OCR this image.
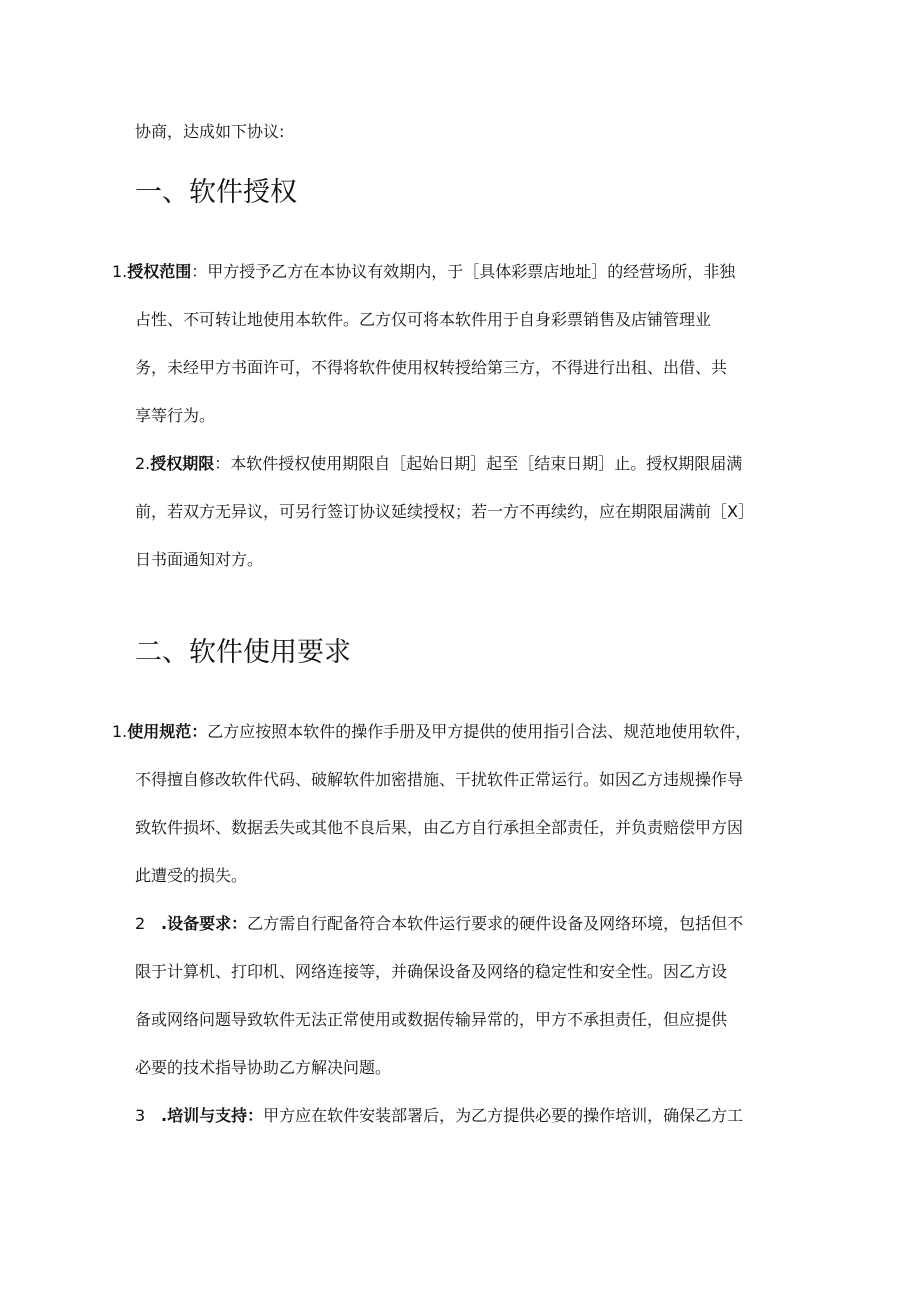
协商，达成如下协议:
一、软件授权
1.授权范围：甲方授予乙方在本协议有效期内，于［具体彩票店地址］的经营场所，非独
占性、不可转让地使用本软件。乙方仅可将本软件用于自身彩票销售及店铺管理业
务，未经甲方书面许可，不得将软件使用权转授给第三方，不得进行出租、出借、共
享等行为。
2.授权期限：本软件授权使用期限自［起始日期］起至［结束日期］止。授权期限届满
前，若双方无异议，可另行签订协议延续授权；若一方不再续约，应在期限届满前［X］
日书面通知对方。
二、软件使用要求
1.使用规范：乙方应按照本软件的操作手册及甲方提供的使用指引合法、规范地使用软件，
不得擅自修改软件代码、破解软件加密措施、干扰软件正常运行。如因乙方违规操作导
致软件损坏、数据丢失或其他不良后果，由乙方自行承担全部责任，并负责赔偿甲方因
此遭受的损失。
2 .设备要求：乙方需自行配备符合本软件运行要求的硬件设备及网络环境，包括但不
限于计算机、打印机、网络连接等，并确保设备及网络的稳定性和安全性。因乙方设
备或网络问题导致软件无法正常使用或数据传输异常的，甲方不承担责任，但应提供
必要的技术指导协助乙方解决问题。
3 .培训与支持：甲方应在软件安装部署后，为乙方提供必要的操作培训，确保乙方工
